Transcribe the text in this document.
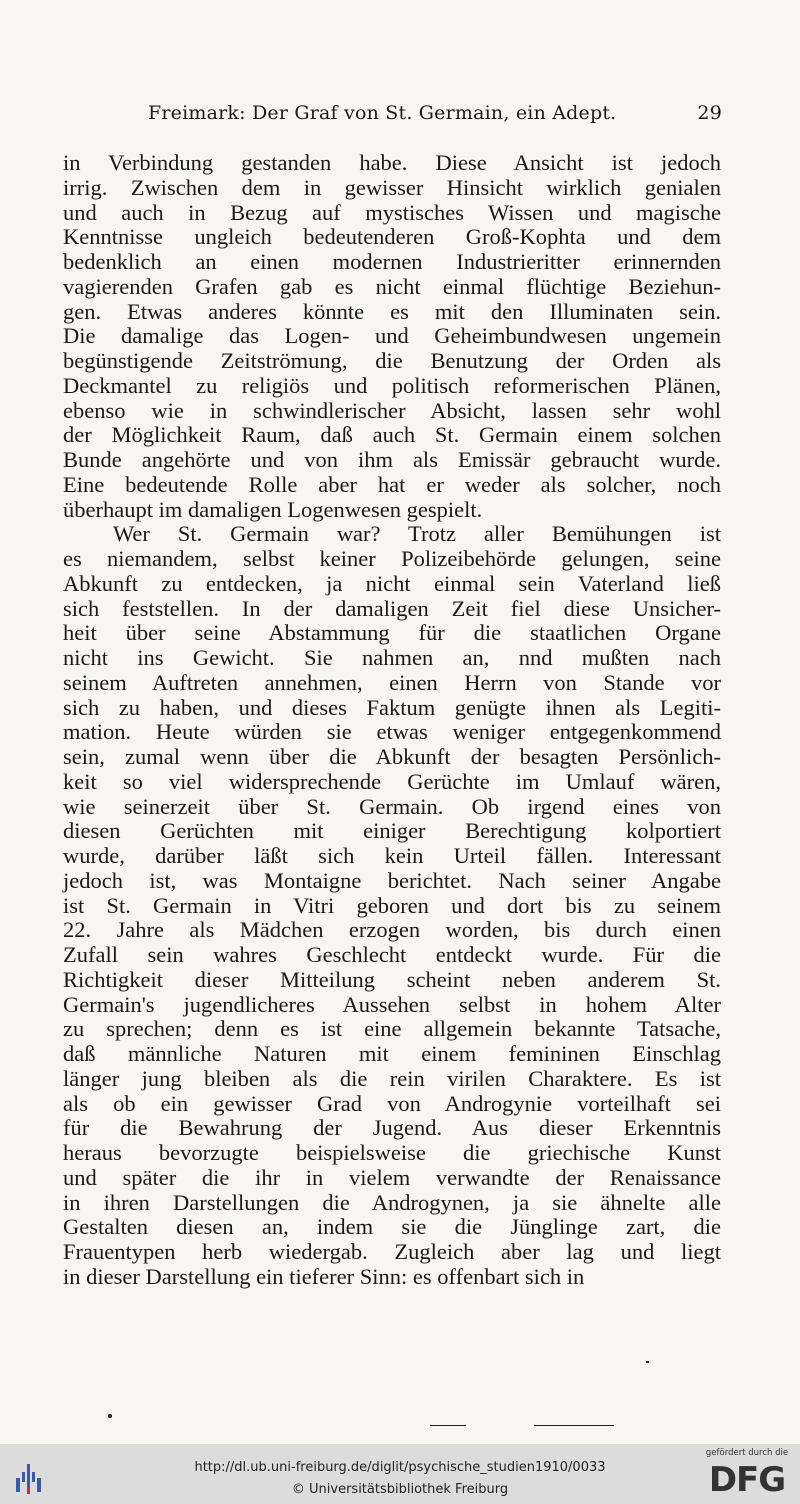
Freimark: Der Graf von St. Germain, ein Adept.	29
in Verbindung gestanden habe. Diese Ansicht ist jedoch
irrig. Zwischen dem in gewisser Hinsicht wirklich genialen
und auch in Bezug auf mystisches Wissen und magische
Kenntnisse ungleich bedeutenderen Groß-Kophta und dem
bedenklich an einen modernen Industrieritter erinnernden
vagierenden Grafen gab es nicht einmal flüchtige Beziehun-
gen. Etwas anderes könnte es mit den Illuminaten sein.
Die damalige das Logen- und Geheimbundwesen ungemein
begünstigende Zeitströmung, die Benutzung der Orden als
Deckmantel zu religiös und politisch reformerischen Plänen,
ebenso wie in schwindlerischer Absicht, lassen sehr wohl
der Möglichkeit Raum, daß auch St. Germain einem solchen
Bunde angehörte und von ihm als Emissär gebraucht wurde.
Eine bedeutende Rolle aber hat er weder als solcher, noch
überhaupt im damaligen Logenwesen gespielt.
Wer St. Germain war? Trotz aller Bemühungen ist
es niemandem, selbst keiner Polizeibehörde gelungen, seine
Abkunft zu entdecken, ja nicht einmal sein Vaterland ließ
sich feststellen. In der damaligen Zeit fiel diese Unsicher-
heit über seine Abstammung für die staatlichen Organe
nicht ins Gewicht. Sie nahmen an, nnd mußten nach
seinem Auftreten annehmen, einen Herrn von Stande vor
sich zu haben, und dieses Faktum genügte ihnen als Legiti-
mation. Heute würden sie etwas weniger entgegenkommend
sein, zumal wenn über die Abkunft der besagten Persönlich-
keit so viel widersprechende Gerüchte im Umlauf wären,
wie seinerzeit über St. Germain. Ob irgend eines von
diesen Gerüchten mit einiger Berechtigung kolportiert
wurde, darüber läßt sich kein Urteil fällen. Interessant
jedoch ist, was Montaigne berichtet. Nach seiner Angabe
ist St. Germain in Vitri geboren und dort bis zu seinem
22. Jahre als Mädchen erzogen worden, bis durch einen
Zufall sein wahres Geschlecht entdeckt wurde. Für die
Richtigkeit dieser Mitteilung scheint neben anderem St.
Germain's jugendlicheres Aussehen selbst in hohem Alter
zu sprechen; denn es ist eine allgemein bekannte Tatsache,
daß männliche Naturen mit einem femininen Einschlag
länger jung bleiben als die rein virilen Charaktere. Es ist
als ob ein gewisser Grad von Androgynie vorteilhaft sei
für die Bewahrung der Jugend. Aus dieser Erkenntnis
heraus bevorzugte beispielsweise die griechische Kunst
und später die ihr in vielem verwandte der Renaissance
in ihren Darstellungen die Androgynen, ja sie ähnelte alle
Gestalten diesen an, indem sie die Jünglinge zart, die
Frauentypen herb wiedergab. Zugleich aber lag und liegt
in dieser Darstellung ein tieferer Sinn: es offenbart sich in
http://dl.ub.uni-freiburg.de/diglit/psychische_studien1910/0033
© Universitätsbibliothek Freiburg
gefördert durch die
DFG
